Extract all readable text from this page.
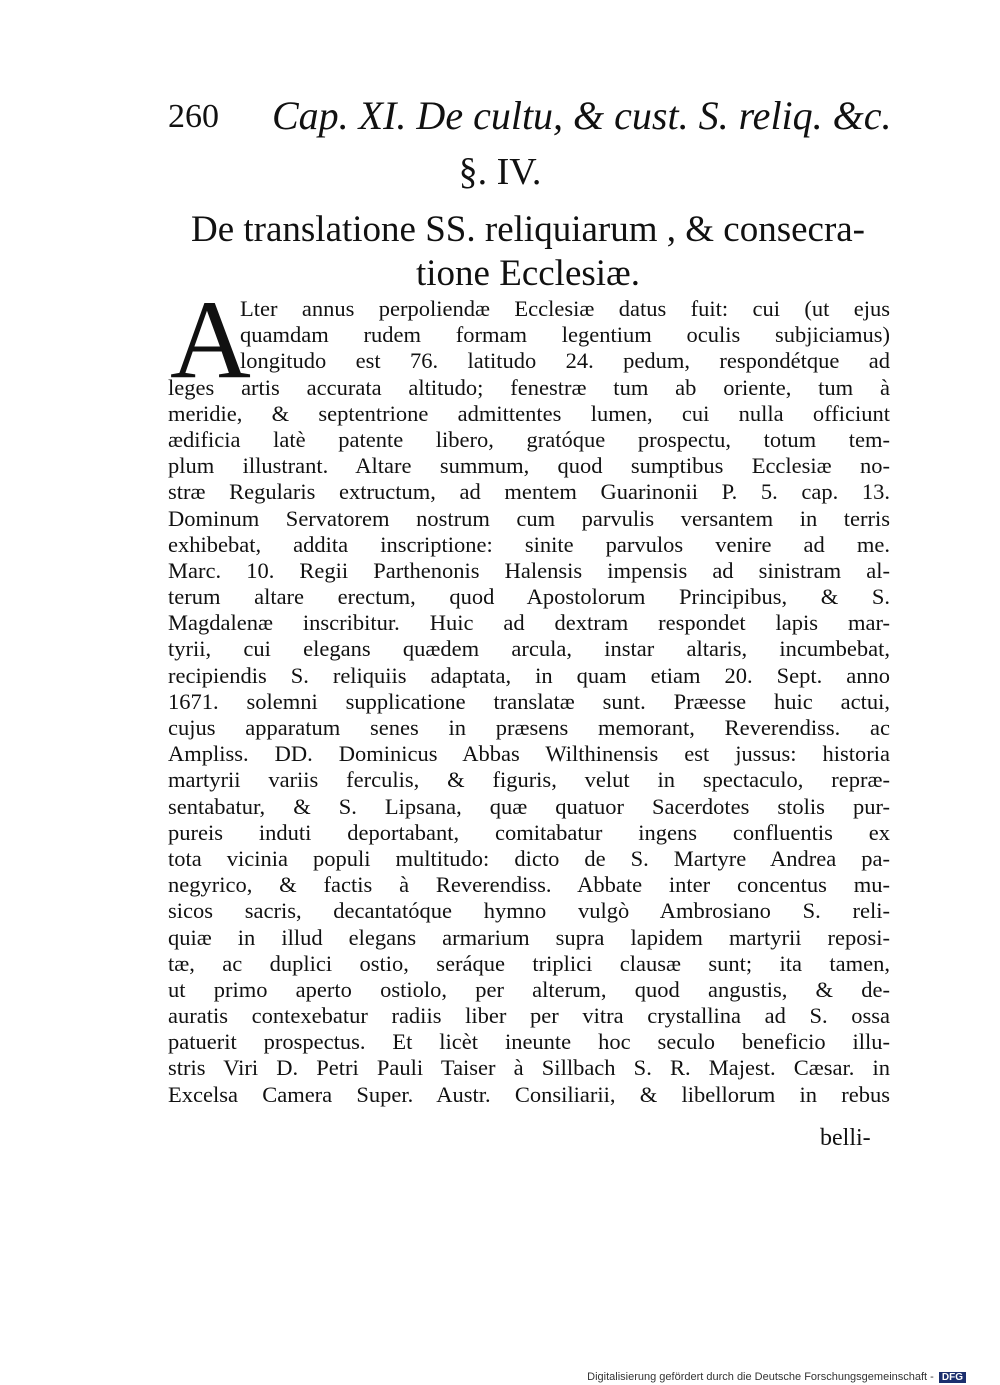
260 Cap. XI. De cultu, & cust. S. reliq. &c.
§. IV.
De translatione SS. reliquiarum , & consecra-
tione Ecclesiæ.
A
Lter annus perpoliendæ Ecclesiæ datus fuit: cui (ut ejus
quamdam rudem formam legentium oculis subjiciamus)
longitudo est 76. latitudo 24. pedum, respondétque ad
leges artis accurata altitudo; fenestræ tum ab oriente, tum à
meridie, & septentrione admittentes lumen, cui nulla officiunt
ædificia latè patente libero, gratóque prospectu, totum tem-
plum illustrant. Altare summum, quod sumptibus Ecclesiæ no-
stræ Regularis extructum, ad mentem Guarinonii P. 5. cap. 13.
Dominum Servatorem nostrum cum parvulis versantem in terris
exhibebat, addita inscriptione: sinite parvulos venire ad me.
Marc. 10. Regii Parthenonis Halensis impensis ad sinistram al-
terum altare erectum, quod Apostolorum Principibus, & S.
Magdalenæ inscribitur. Huic ad dextram respondet lapis mar-
tyrii, cui elegans quædem arcula, instar altaris, incumbebat,
recipiendis S. reliquiis adaptata, in quam etiam 20. Sept. anno
1671. solemni supplicatione translatæ sunt. Præesse huic actui,
cujus apparatum senes in præsens memorant, Reverendiss. ac
Ampliss. DD. Dominicus Abbas Wilthinensis est jussus: historia
martyrii variis ferculis, & figuris, velut in spectaculo, repræ-
sentabatur, & S. Lipsana, quæ quatuor Sacerdotes stolis pur-
pureis induti deportabant, comitabatur ingens confluentis ex
tota vicinia populi multitudo: dicto de S. Martyre Andrea pa-
negyrico, & factis à Reverendiss. Abbate inter concentus mu-
sicos sacris, decantatóque hymno vulgò Ambrosiano S. reli-
quiæ in illud elegans armarium supra lapidem martyrii reposi-
tæ, ac duplici ostio, seráque triplici clausæ sunt; ita tamen,
ut primo aperto ostiolo, per alterum, quod angustis, & de-
auratis contexebatur radiis liber per vitra crystallina ad S. ossa
patuerit prospectus. Et licèt ineunte hoc seculo beneficio illu-
stris Viri D. Petri Pauli Taiser à Sillbach S. R. Majest. Cæsar. in
Excelsa Camera Super. Austr. Consiliarii, & libellorum in rebus
belli-
Digitalisierung gefördert durch die Deutsche Forschungsgemeinschaft - DFG
